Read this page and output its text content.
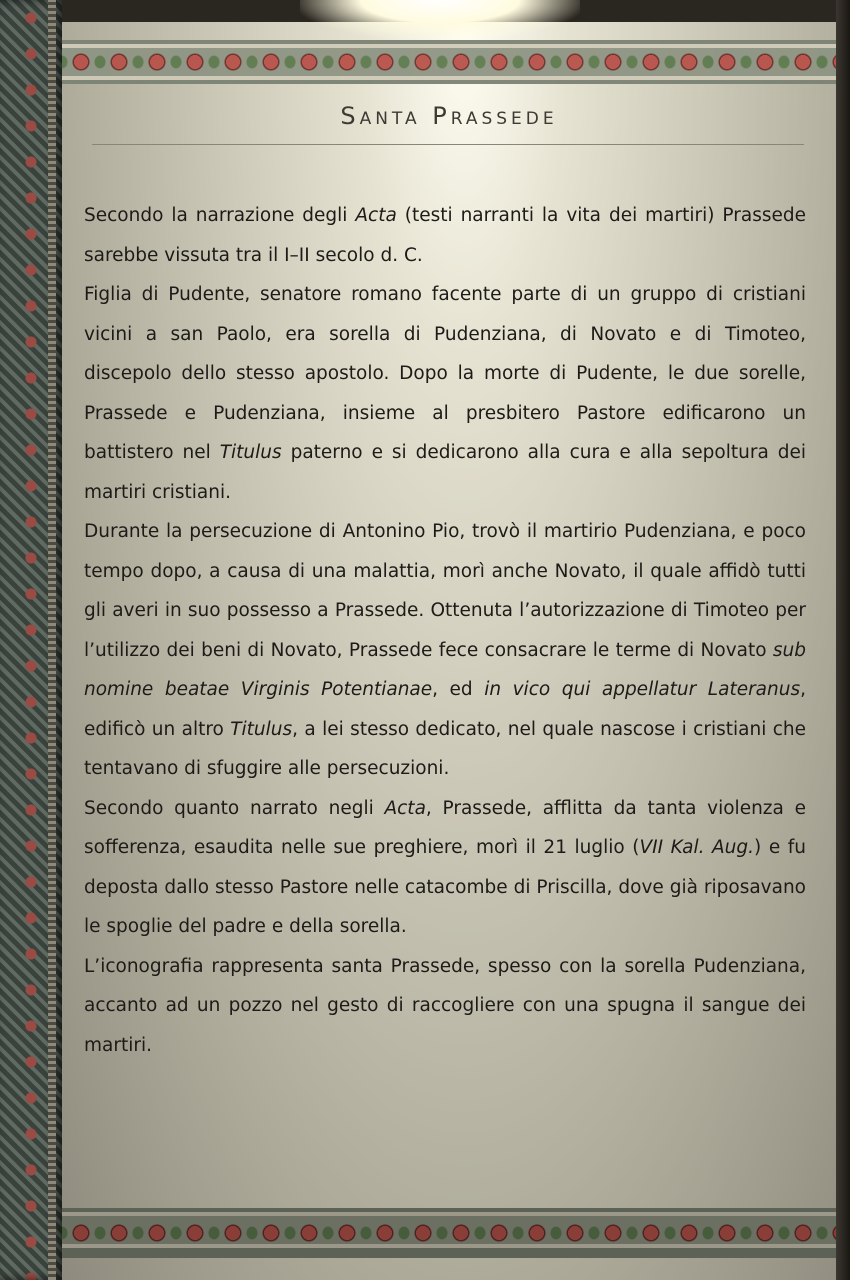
Santa Prassede

Secondo la narrazione degli Acta (testi narranti la vita dei martiri) Prassede sarebbe vissuta tra il I–II secolo d. C.

Figlia di Pudente, senatore romano facente parte di un gruppo di cristiani vicini a san Paolo, era sorella di Pudenziana, di Novato e di Timoteo, discepolo dello stesso apostolo. Dopo la morte di Pudente, le due sorelle, Prassede e Pudenziana, insieme al presbitero Pastore edificarono un battistero nel Titulus paterno e si dedicarono alla cura e alla sepoltura dei martiri cristiani.

Durante la persecuzione di Antonino Pio, trovò il martirio Pudenziana, e poco tempo dopo, a causa di una malattia, morì anche Novato, il quale affidò tutti gli averi in suo possesso a Prassede. Ottenuta l’autorizzazione di Timoteo per l’utilizzo dei beni di Novato, Prassede fece consacrare le terme di Novato sub nomine beatae Virginis Potentianae, ed in vico qui appellatur Lateranus, edificò un altro Titulus, a lei stesso dedicato, nel quale nascose i cristiani che tentavano di sfuggire alle persecuzioni.

Secondo quanto narrato negli Acta, Prassede, afflitta da tanta violenza e sofferenza, esaudita nelle sue preghiere, morì il 21 luglio (VII Kal. Aug.) e fu deposta dallo stesso Pastore nelle catacombe di Priscilla, dove già riposavano le spoglie del padre e della sorella.

L’iconografia rappresenta santa Prassede, spesso con la sorella Pudenziana, accanto ad un pozzo nel gesto di raccogliere con una spugna il sangue dei martiri.
